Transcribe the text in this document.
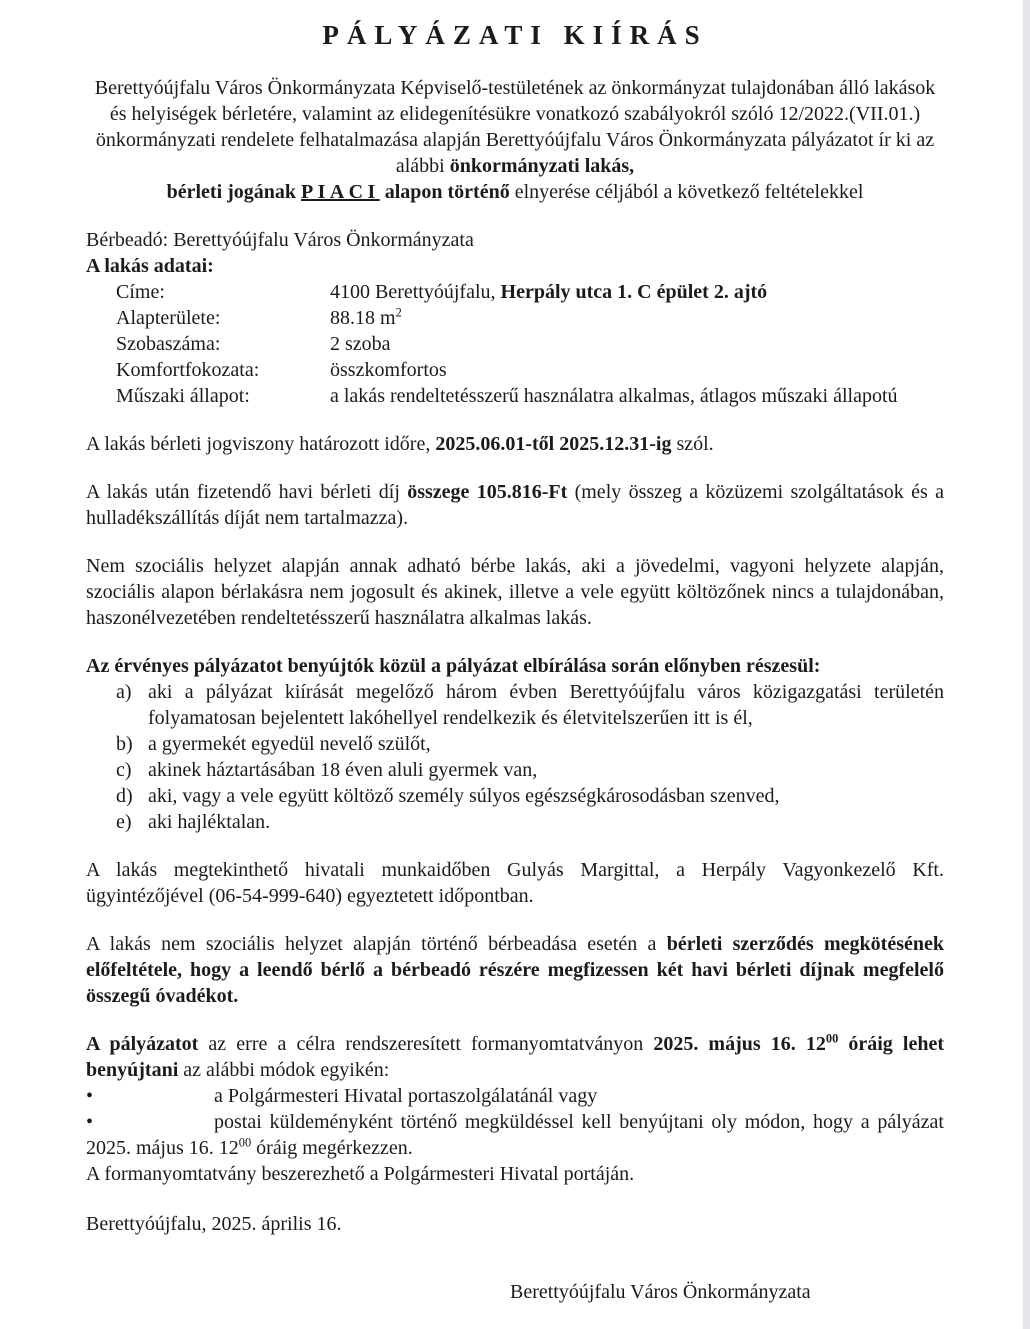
PÁLYÁZATI KIÍRÁS

Berettyóújfalu Város Önkormányzata Képviselő-testületének az önkormányzat tulajdonában álló lakások és helyiségek bérletére, valamint az elidegenítésükre vonatkozó szabályokról szóló 12/2022.(VII.01.) önkormányzati rendelete felhatalmazása alapján Berettyóújfalu Város Önkormányzata pályázatot ír ki az alábbi önkormányzati lakás,
bérleti jogának PIACI alapon történő elnyerése céljából a következő feltételekkel

Bérbeadó: Berettyóújfalu Város Önkormányzata

A lakás adatai:

Címe:	4100 Berettyóújfalu, Herpály utca 1. C épület 2. ajtó
Alapterülete:	88.18 $m^2$
Szobaszáma:	2 szoba
Komfortfokozata:	összkomfortos
Műszaki állapot:	a lakás rendeltetésszerű használatra alkalmas, átlagos műszaki állapotú

A lakás bérleti jogviszony határozott időre, 2025.06.01-től 2025.12.31-ig szól.

A lakás után fizetendő havi bérleti díj összege 105.816-Ft (mely összeg a közüzemi szolgáltatások és a hulladékszállítás díját nem tartalmazza).

Nem szociális helyzet alapján annak adható bérbe lakás, aki a jövedelmi, vagyoni helyzete alapján, szociális alapon bérlakásra nem jogosult és akinek, illetve a vele együtt költözőnek nincs a tulajdonában, haszonélvezetében rendeltetésszerű használatra alkalmas lakás.

Az érvényes pályázatot benyújtók közül a pályázat elbírálása során előnyben részesül:

a) aki a pályázat kiírását megelőző három évben Berettyóújfalu város közigazgatási területén folyamatosan bejelentett lakóhellyel rendelkezik és életvitelszerűen itt is él,
b) a gyermekét egyedül nevelő szülőt,
c) akinek háztartásában 18 éven aluli gyermek van,
d) aki, vagy a vele együtt költöző személy súlyos egészségkárosodásban szenved,
e) aki hajléktalan.

A lakás megtekinthető hivatali munkaidőben Gulyás Margittal, a Herpály Vagyonkezelő Kft. ügyintézőjével (06-54-999-640) egyeztetett időpontban.

A lakás nem szociális helyzet alapján történő bérbeadása esetén a bérleti szerződés megkötésének előfeltétele, hogy a leendő bérlő a bérbeadó részére megfizessen két havi bérleti díjnak megfelelő összegű óvadékot.

A pályázatot az erre a célra rendszeresített formanyomtatványon 2025. május 16. $12^{00}$ óráig lehet benyújtani az alábbi módok egyikén:

•	a Polgármesteri Hivatal portaszolgálatánál vagy

•	postai küldeményként történő megküldéssel kell benyújtani oly módon, hogy a pályázat 2025. május 16. $12^{00}$ óráig megérkezzen.

A formanyomtatvány beszerezhető a Polgármesteri Hivatal portáján.

Berettyóújfalu, 2025. április 16.

Berettyóújfalu Város Önkormányzata
